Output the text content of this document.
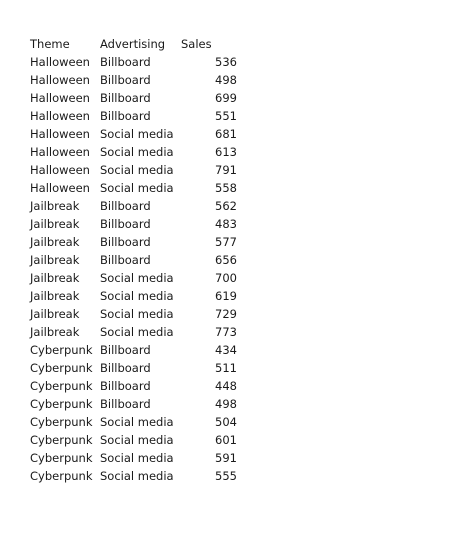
Theme	Advertising	Sales
Halloween	Billboard	536
Halloween	Billboard	498
Halloween	Billboard	699
Halloween	Billboard	551
Halloween	Social media	681
Halloween	Social media	613
Halloween	Social media	791
Halloween	Social media	558
Jailbreak	Billboard	562
Jailbreak	Billboard	483
Jailbreak	Billboard	577
Jailbreak	Billboard	656
Jailbreak	Social media	700
Jailbreak	Social media	619
Jailbreak	Social media	729
Jailbreak	Social media	773
Cyberpunk	Billboard	434
Cyberpunk	Billboard	511
Cyberpunk	Billboard	448
Cyberpunk	Billboard	498
Cyberpunk	Social media	504
Cyberpunk	Social media	601
Cyberpunk	Social media	591
Cyberpunk	Social media	555
